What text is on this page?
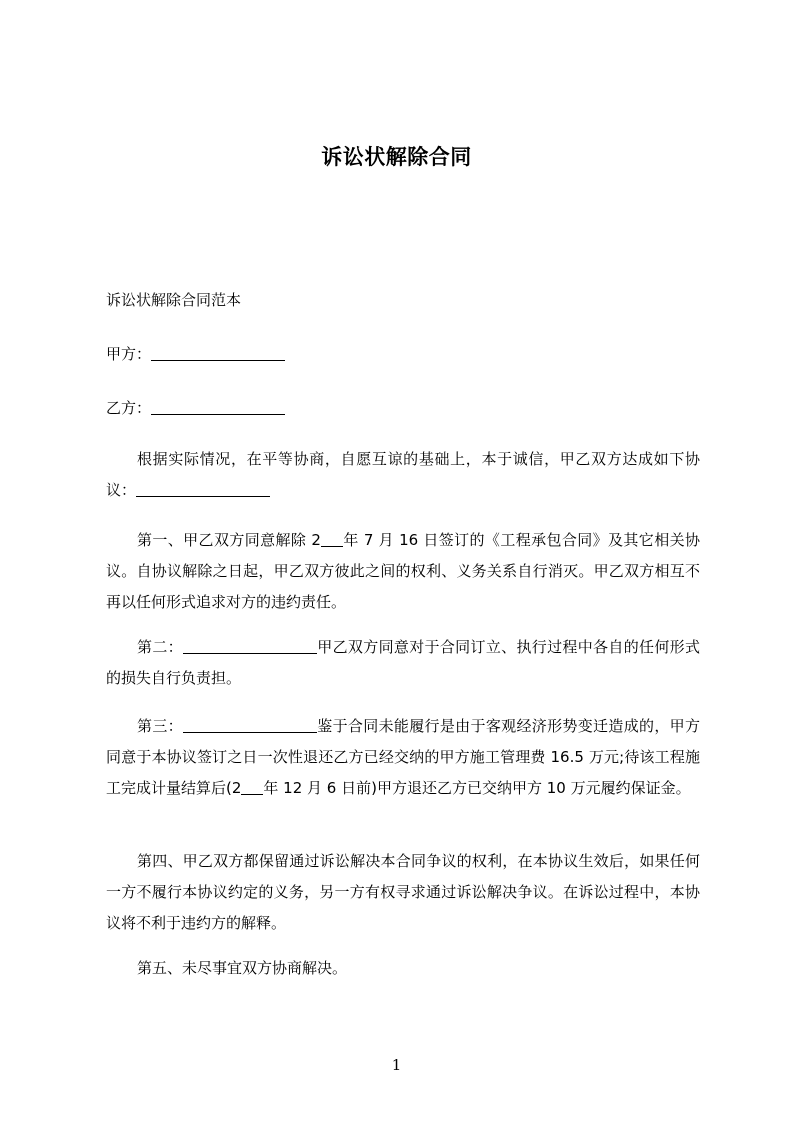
诉讼状解除合同
诉讼状解除合同范本
甲方：
乙方：
根据实际情况，在平等协商，自愿互谅的基础上，本于诚信，甲乙双方达成如下协议：
第一、甲乙双方同意解除 2 年 7 月 16 日签订的《工程承包合同》及其它相关协议。自协议解除之日起，甲乙双方彼此之间的权利、义务关系自行消灭。甲乙双方相互不再以任何形式追求对方的违约责任。
第二：	甲乙双方同意对于合同订立、执行过程中各自的任何形式的损失自行负责担。
第三：	鉴于合同未能履行是由于客观经济形势变迁造成的，甲方同意于本协议签订之日一次性退还乙方已经交纳的甲方施工管理费 16.5 万元;待该工程施工完成计量结算后(2 年 12 月 6 日前)甲方退还乙方已交纳甲方 10 万元履约保证金。
第四、甲乙双方都保留通过诉讼解决本合同争议的权利，在本协议生效后，如果任何一方不履行本协议约定的义务，另一方有权寻求通过诉讼解决争议。在诉讼过程中，本协议将不利于违约方的解释。
第五、未尽事宜双方协商解决。
1
